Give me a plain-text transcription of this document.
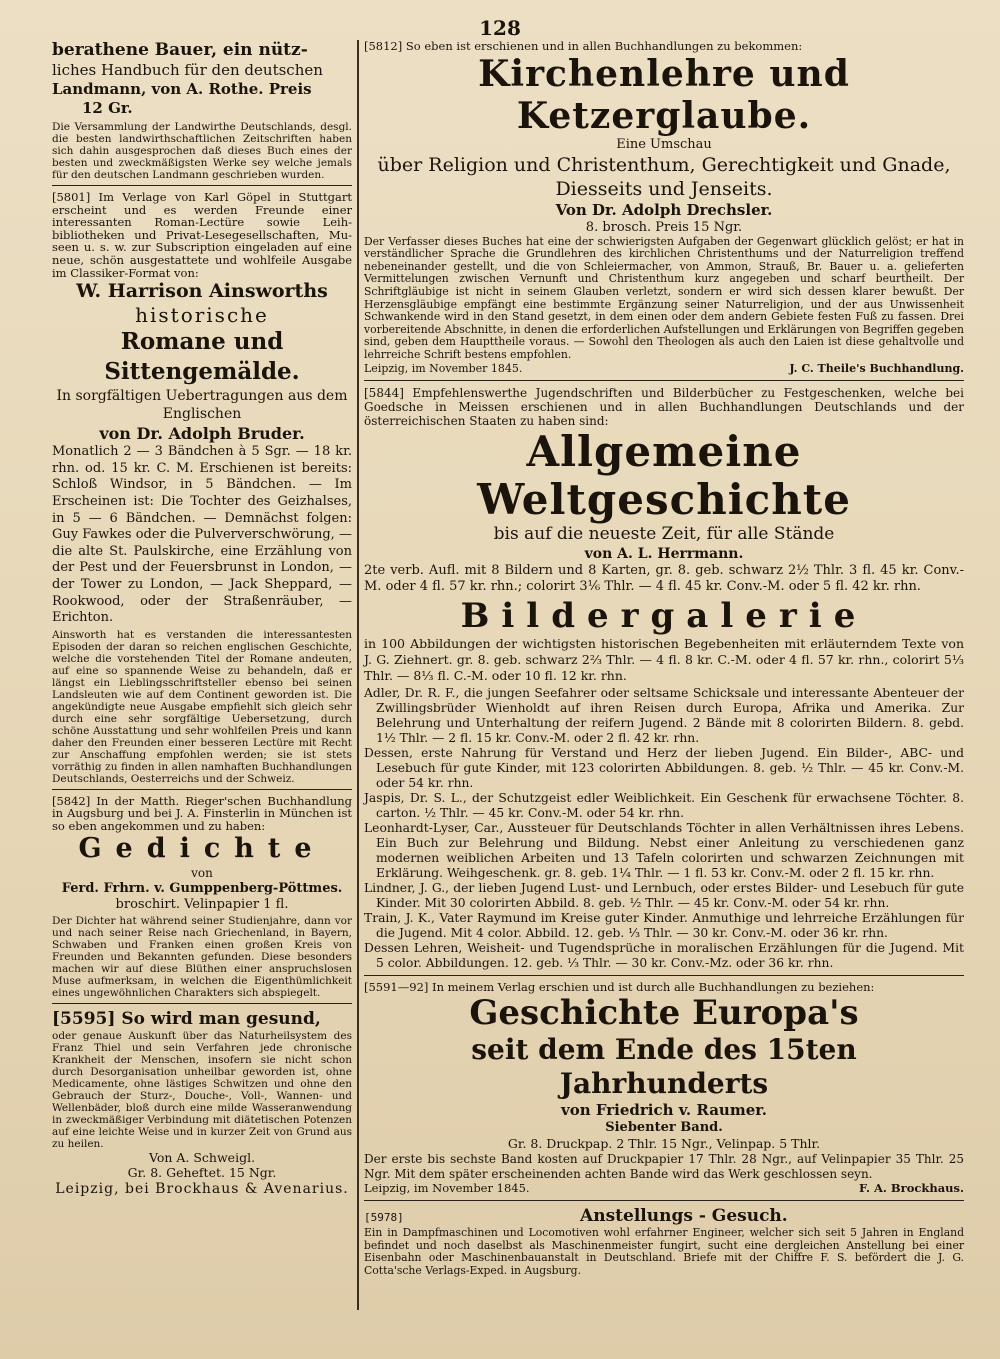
128

berathene Bauer, ein nütz-

liches Handbuch für den deutschen

Landmann, von A. Rothe. Preis

12 Gr.

Die Versammlung der Landwirthe Deutschlands, desgl. die besten landwirthschaftlichen Zeitschriften haben sich dahin ausgesprochen daß dieses Buch eines der besten und zweckmäßigsten Werke sey welche jemals für den deutschen Landmann geschrieben wurden.

[5801] Im Verlage von Karl Göpel in Stuttgart erscheint und es werden Freunde einer interessanten Roman-Lectüre sowie Leihbibliotheken und Privat-Lesegesellschaften, Museen u. s. w. zur Subscription eingeladen auf eine neue, schön ausgestattete und wohlfeile Ausgabe im Classiker-Format von:

W. Harrison Ainsworths

historische

Romane und Sittengemälde.

In sorgfältigen Uebertragungen aus dem Englischen

von Dr. Adolph Bruder.

Monatlich 2 — 3 Bändchen à 5 Sgr. — 18 kr. rhn. od. 15 kr. C. M. Erschienen ist bereits: Schloß Windsor, in 5 Bändchen. — Im Erscheinen ist: Die Tochter des Geizhalses, in 5 — 6 Bändchen. — Demnächst folgen: Guy Fawkes oder die Pulververschwörung, — die alte St. Paulskirche, eine Erzählung von der Pest und der Feuersbrunst in London, — der Tower zu London, — Jack Sheppard, — Rookwood, oder der Straßenräuber, — Erichton.

Ainsworth hat es verstanden die interessantesten Episoden der daran so reichen englischen Geschichte, welche die vorstehenden Titel der Romane andeuten, auf eine so spannende Weise zu behandeln, daß er längst ein Lieblingsschriftsteller ebenso bei seinen Landsleuten wie auf dem Continent geworden ist. Die angekündigte neue Ausgabe empfiehlt sich gleich sehr durch eine sehr sorgfältige Uebersetzung, durch schöne Ausstattung und sehr wohlfeilen Preis und kann daher den Freunden einer besseren Lectüre mit Recht zur Anschaffung empfohlen werden; sie ist stets vorräthig zu finden in allen namhaften Buchhandlungen Deutschlands, Oesterreichs und der Schweiz.

[5842] In der Matth. Rieger'schen Buchhandlung in Augsburg und bei J. A. Finsterlin in München ist so eben angekommen und zu haben:

Gedichte

von

Ferd. Frhrn. v. Gumppenberg-Pöttmes.

broschirt. Velinpapier 1 fl.

Der Dichter hat während seiner Studienjahre, dann vor und nach seiner Reise nach Griechenland, in Bayern, Schwaben und Franken einen großen Kreis von Freunden und Bekannten gefunden. Diese besonders machen wir auf diese Blüthen einer anspruchslosen Muse aufmerksam, in welchen die Eigenthümlichkeit eines ungewöhnlichen Charakters sich abspiegelt.

[5595] So wird man gesund,

oder genaue Auskunft über das Naturheilsystem des Franz Thiel und sein Verfahren jede chronische Krankheit der Menschen, insofern sie nicht schon durch Desorganisation unheilbar geworden ist, ohne Medicamente, ohne lästiges Schwitzen und ohne den Gebrauch der Sturz-, Douche-, Voll-, Wannen- und Wellenbäder, bloß durch eine milde Wasseranwendung in zweckmäßiger Verbindung mit diätetischen Potenzen auf eine leichte Weise und in kurzer Zeit von Grund aus zu heilen.

Von A. Schweigl.

Gr. 8. Geheftet. 15 Ngr.

Leipzig, bei Brockhaus & Avenarius.

[5812] So eben ist erschienen und in allen Buchhandlungen zu bekommen:

Kirchenlehre und Ketzerglaube.

Eine Umschau

über Religion und Christenthum, Gerechtigkeit und Gnade,

Diesseits und Jenseits.

Von Dr. Adolph Drechsler.

8. brosch. Preis 15 Ngr.

Der Verfasser dieses Buches hat eine der schwierigsten Aufgaben der Gegenwart glücklich gelöst; er hat in verständlicher Sprache die Grundlehren des kirchlichen Christenthums und der Naturreligion treffend nebeneinander gestellt, und die von Schleiermacher, von Ammon, Strauß, Br. Bauer u. a. gelieferten Vermittelungen zwischen Vernunft und Christenthum kurz angegeben und scharf beurtheilt. Der Schriftgläubige ist nicht in seinem Glauben verletzt, sondern er wird sich dessen klarer bewußt. Der Herzensgläubige empfängt eine bestimmte Ergänzung seiner Naturreligion, und der aus Unwissenheit Schwankende wird in den Stand gesetzt, in dem einen oder dem andern Gebiete festen Fuß zu fassen. Drei vorbereitende Abschnitte, in denen die erforderlichen Aufstellungen und Erklärungen von Begriffen gegeben sind, geben dem Haupttheile voraus. — Sowohl den Theologen als auch den Laien ist diese gehaltvolle und lehrreiche Schrift bestens empfohlen.

Leipzig, im November 1845.	J. C. Theile's Buchhandlung.

[5844] Empfehlenswerthe Jugendschriften und Bilderbücher zu Festgeschenken, welche bei Goedsche in Meissen erschienen und in allen Buchhandlungen Deutschlands und der österreichischen Staaten zu haben sind:

Allgemeine Weltgeschichte

bis auf die neueste Zeit, für alle Stände

von A. L. Herrmann.

2te verb. Aufl. mit 8 Bildern und 8 Karten, gr. 8. geb. schwarz 2½ Thlr. 3 fl. 45 kr. Conv.-M. oder 4 fl. 57 kr. rhn.; colorirt 3⅙ Thlr. — 4 fl. 45 kr. Conv.-M. oder 5 fl. 42 kr. rhn.

Bildergalerie

in 100 Abbildungen der wichtigsten historischen Begebenheiten mit erläuterndem Texte von J. G. Ziehnert. gr. 8. geb. schwarz 2⅔ Thlr. — 4 fl. 8 kr. C.-M. oder 4 fl. 57 kr. rhn., colorirt 5⅓ Thlr. — 8⅓ fl. C.-M. oder 10 fl. 12 kr. rhn.

Adler, Dr. R. F., die jungen Seefahrer oder seltsame Schicksale und interessante Abenteuer der Zwillingsbrüder Wienholdt auf ihren Reisen durch Europa, Afrika und Amerika. Zur Belehrung und Unterhaltung der reifern Jugend. 2 Bände mit 8 colorirten Bildern. 8. gebd. 1½ Thlr. — 2 fl. 15 kr. Conv.-M. oder 2 fl. 42 kr. rhn.

Dessen, erste Nahrung für Verstand und Herz der lieben Jugend. Ein Bilder-, ABC- und Lesebuch für gute Kinder, mit 123 colorirten Abbildungen. 8. geb. ½ Thlr. — 45 kr. Conv.-M. oder 54 kr. rhn.

Jaspis, Dr. S. L., der Schutzgeist edler Weiblichkeit. Ein Geschenk für erwachsene Töchter. 8. carton. ½ Thlr. — 45 kr. Conv.-M. oder 54 kr. rhn.

Leonhardt-Lyser, Car., Aussteuer für Deutschlands Töchter in allen Verhältnissen ihres Lebens. Ein Buch zur Belehrung und Bildung. Nebst einer Anleitung zu verschiedenen ganz modernen weiblichen Arbeiten und 13 Tafeln colorirten und schwarzen Zeichnungen mit Erklärung. Weihgeschenk. gr. 8. geb. 1¼ Thlr. — 1 fl. 53 kr. Conv.-M. oder 2 fl. 15 kr. rhn.

Lindner, J. G., der lieben Jugend Lust- und Lernbuch, oder erstes Bilder- und Lesebuch für gute Kinder. Mit 30 colorirten Abbild. 8. geb. ½ Thlr. — 45 kr. Conv.-M. oder 54 kr. rhn.

Train, J. K., Vater Raymund im Kreise guter Kinder. Anmuthige und lehrreiche Erzählungen für die Jugend. Mit 4 color. Abbild. 12. geb. ⅓ Thlr. — 30 kr. Conv.-M. oder 36 kr. rhn.

Dessen Lehren, Weisheit- und Tugendsprüche in moralischen Erzählungen für die Jugend. Mit 5 color. Abbildungen. 12. geb. ⅓ Thlr. — 30 kr. Conv.-Mz. oder 36 kr. rhn.

[5591—92] In meinem Verlag erschien und ist durch alle Buchhandlungen zu beziehen:

Geschichte Europa's

seit dem Ende des 15ten Jahrhunderts

von Friedrich v. Raumer.

Siebenter Band.

Gr. 8. Druckpap. 2 Thlr. 15 Ngr., Velinpap. 5 Thlr.

Der erste bis sechste Band kosten auf Druckpapier 17 Thlr. 28 Ngr., auf Velinpapier 35 Thlr. 25 Ngr. Mit dem später erscheinenden achten Bande wird das Werk geschlossen seyn.

Leipzig, im November 1845.	F. A. Brockhaus.
[5978]	Anstellungs - Gesuch.

Ein in Dampfmaschinen und Locomotiven wohl erfahrner Engineer, welcher sich seit 5 Jahren in England befindet und noch daselbst als Maschinenmeister fungirt, sucht eine dergleichen Anstellung bei einer Eisenbahn oder Maschinenbauanstalt in Deutschland. Briefe mit der Chiffre F. S. befördert die J. G. Cotta'sche Verlags-Exped. in Augsburg.
